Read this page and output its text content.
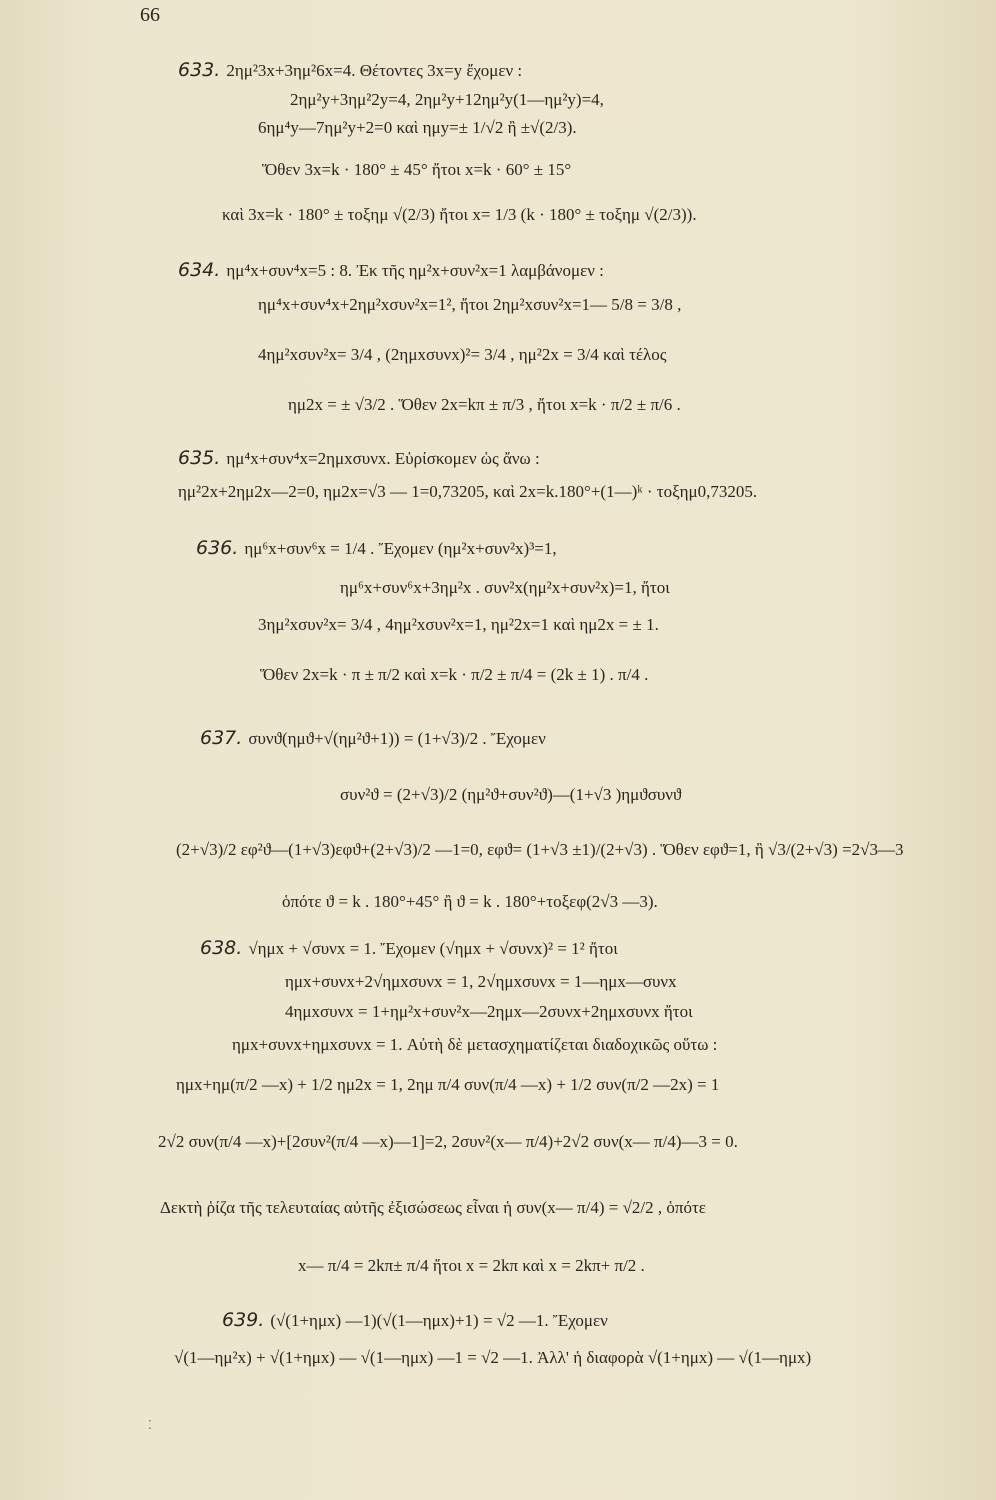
66
633. 2ημ²3x+3ημ²6x=4. Θέτοντες 3x=y ἔχομεν :
2ημ²y+3ημ²2y=4, 2ημ²y+12ημ²y(1—ημ²y)=4,
6ημ⁴y—7ημ²y+2=0 καὶ ημy=± 1/√2 ἢ ±√(2/3).
Ὅθεν 3x=k · 180° ± 45° ἤτοι x=k · 60° ± 15°
καὶ 3x=k · 180° ± τοξημ √(2/3) ἤτοι x= 1/3 (k · 180° ± τοξημ √(2/3)).
634. ημ⁴x+συν⁴x=5 : 8. Ἐκ τῆς ημ²x+συν²x=1 λαμβάνομεν :
ημ⁴x+συν⁴x+2ημ²xσυν²x=1², ἤτοι 2ημ²xσυν²x=1— 5/8 = 3/8 ,
4ημ²xσυν²x= 3/4 , (2ημxσυνx)²= 3/4 , ημ²2x = 3/4 καὶ τέλος
ημ2x = ± √3/2 . Ὅθεν 2x=kπ ± π/3 , ἤτοι x=k · π/2 ± π/6 .
635. ημ⁴x+συν⁴x=2ημxσυνx. Εὑρίσκομεν ὡς ἄνω :
ημ²2x+2ημ2x—2=0, ημ2x=√3 — 1=0,73205, καὶ 2x=k.180°+(1—)ᵏ · τοξημ0,73205.
636. ημ⁶x+συν⁶x = 1/4 . Ἔχομεν (ημ²x+συν²x)³=1,
ημ⁶x+συν⁶x+3ημ²x . συν²x(ημ²x+συν²x)=1, ἤτοι
3ημ²xσυν²x= 3/4 , 4ημ²xσυν²x=1, ημ²2x=1 καὶ ημ2x = ± 1.
Ὅθεν 2x=k · π ± π/2 καὶ x=k · π/2 ± π/4 = (2k ± 1) . π/4 .
637. συνϑ(ημϑ+√(ημ²ϑ+1)) = (1+√3)/2 . Ἔχομεν
συν²ϑ = (2+√3)/2 (ημ²ϑ+συν²ϑ)—(1+√3 )ημϑσυνϑ
(2+√3)/2 εφ²ϑ—(1+√3)εφϑ+(2+√3)/2 —1=0, εφϑ= (1+√3 ±1)/(2+√3) . Ὅθεν εφϑ=1, ἢ √3/(2+√3) =2√3—3
ὁπότε ϑ = k . 180°+45° ἢ ϑ = k . 180°+τοξεφ(2√3 —3).
638. √ημx + √συνx = 1. Ἔχομεν (√ημx + √συνx)² = 1² ἤτοι
ημx+συνx+2√ημxσυνx = 1, 2√ημxσυνx = 1—ημx—συνx
4ημxσυνx = 1+ημ²x+συν²x—2ημx—2συνx+2ημxσυνx ἤτοι
ημx+συνx+ημxσυνx = 1. Αὐτὴ δὲ μετασχηματίζεται διαδοχικῶς οὕτω :
ημx+ημ(π/2 —x) + 1/2 ημ2x = 1, 2ημ π/4 συν(π/4 —x) + 1/2 συν(π/2 —2x) = 1
2√2 συν(π/4 —x)+[2συν²(π/4 —x)—1]=2, 2συν²(x— π/4)+2√2 συν(x— π/4)—3 = 0.
Δεκτὴ ῥίζα τῆς τελευταίας αὐτῆς ἐξισώσεως εἶναι ἡ συν(x— π/4) = √2/2 , ὁπότε
x— π/4 = 2kπ± π/4 ἤτοι x = 2kπ καὶ x = 2kπ+ π/2 .
639. (√(1+ημx) —1)(√(1—ημx)+1) = √2 —1. Ἔχομεν
√(1—ημ²x) + √(1+ημx) — √(1—ημx) —1 = √2 —1. Ἀλλ' ἡ διαφορὰ √(1+ημx) — √(1—ημx)
⁚
